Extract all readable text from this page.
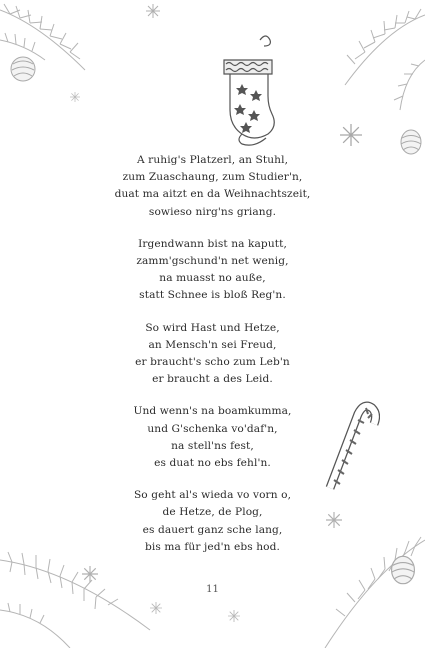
A ruhig's Platzerl, an Stuhl,
zum Zuaschaung, zum Studier'n,
duat ma aitzt en da Weihnachtszeit,
sowieso nirg'ns griang.
Irgendwann bist na kaputt,
zamm'gschund'n net wenig,
na muasst no auße,
statt Schnee is bloß Reg'n.
So wird Hast und Hetze,
an Mensch'n sei Freud,
er braucht's scho zum Leb'n
er braucht a des Leid.
Und wenn's na boamkumma,
und G'schenka vo'daf'n,
na stell'ns fest,
es duat no ebs fehl'n.
So geht al's wieda vo vorn o,
de Hetze, de Plog,
es dauert ganz sche lang,
bis ma für jed'n ebs hod.
11
